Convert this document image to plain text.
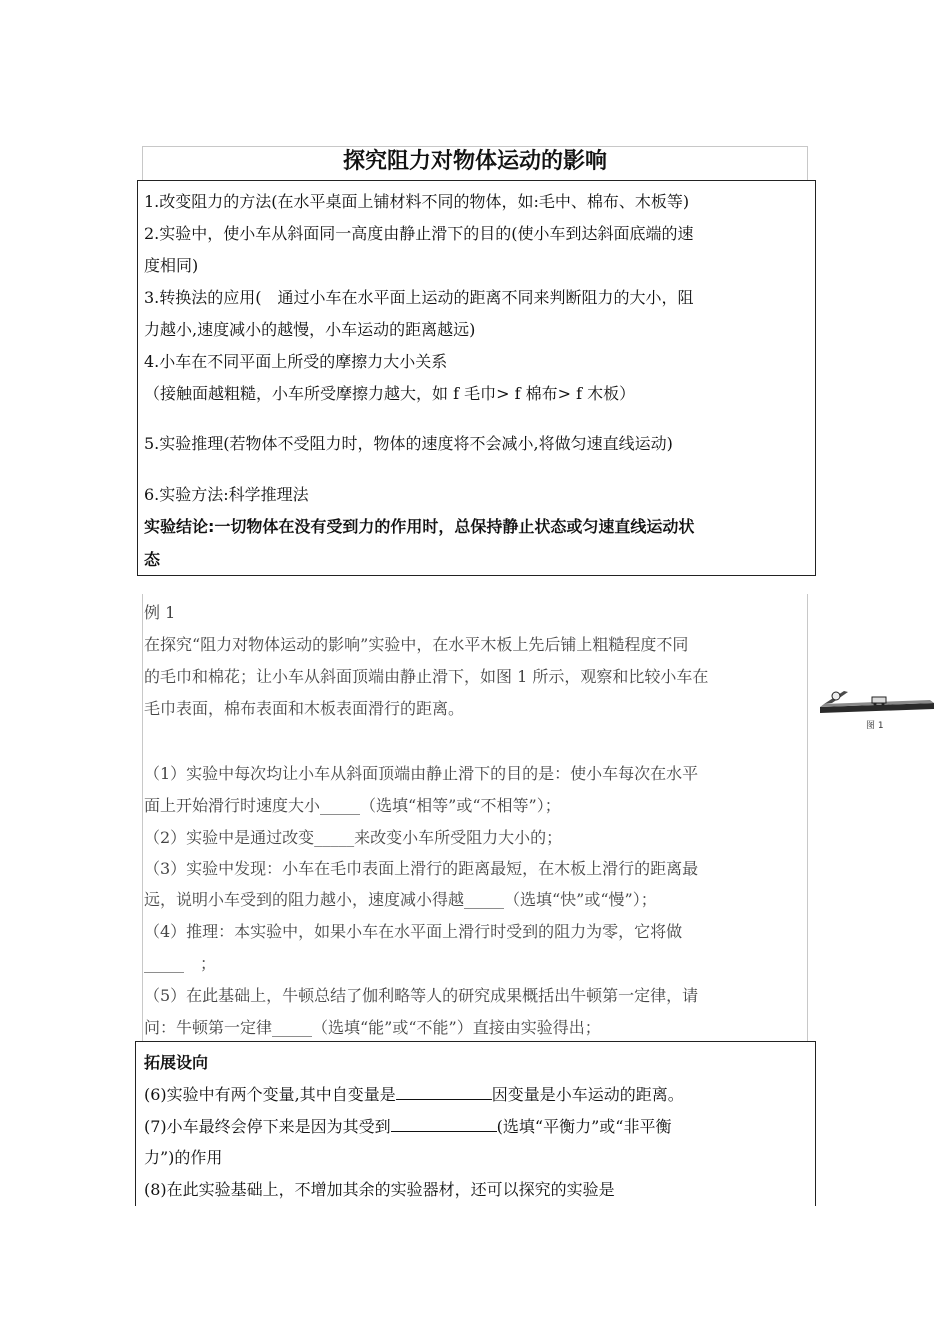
探究阻力对物体运动的影响
1.改变阻力的方法(在水平桌面上铺材料不同的物体，如:毛中、棉布、木板等)
2.实验中，使小车从斜面同一高度由静止滑下的目的(使小车到达斜面底端的速
度相同)
3.转换法的应用(　通过小车在水平面上运动的距离不同来判断阻力的大小，阻
力越小,速度减小的越慢，小车运动的距离越远)
4.小车在不同平面上所受的摩擦力大小关系
（接触面越粗糙，小车所受摩擦力越大，如 f 毛巾> f 棉布> f 木板）
5.实验推理(若物体不受阻力时，物体的速度将不会减小,将做匀速直线运动)
6.实验方法:科学推理法
实验结论:一切物体在没有受到力的作用时，总保持静止状态或匀速直线运动状
态
例 1
在探究“阻力对物体运动的影响”实验中，在水平木板上先后铺上粗糙程度不同
的毛巾和棉花；让小车从斜面顶端由静止滑下，如图 1 所示，观察和比较小车在
毛巾表面，棉布表面和木板表面滑行的距离。
（1）实验中每次均让小车从斜面顶端由静止滑下的目的是：使小车每次在水平
面上开始滑行时速度大小_____（选填“相等”或“不相等”）；
（2）实验中是通过改变_____来改变小车所受阻力大小的；
（3）实验中发现：小车在毛巾表面上滑行的距离最短，在木板上滑行的距离最
远，说明小车受到的阻力越小，速度减小得越_____（选填“快”或“慢”）；
（4）推理：本实验中，如果小车在水平面上滑行时受到的阻力为零，它将做
_____　；
（5）在此基础上，牛顿总结了伽利略等人的研究成果概括出牛顿第一定律，请
问：牛顿第一定律_____（选填“能”或“不能”）直接由实验得出；
图 1
拓展设向
(6)实验中有两个变量,其中自变量是	因变量是小车运动的距离。
(7)小车最终会停下来是因为其受到	(选填“平衡力”或“非平衡
力”)的作用
(8)在此实验基础上，不增加其余的实验器材，还可以探究的实验是
